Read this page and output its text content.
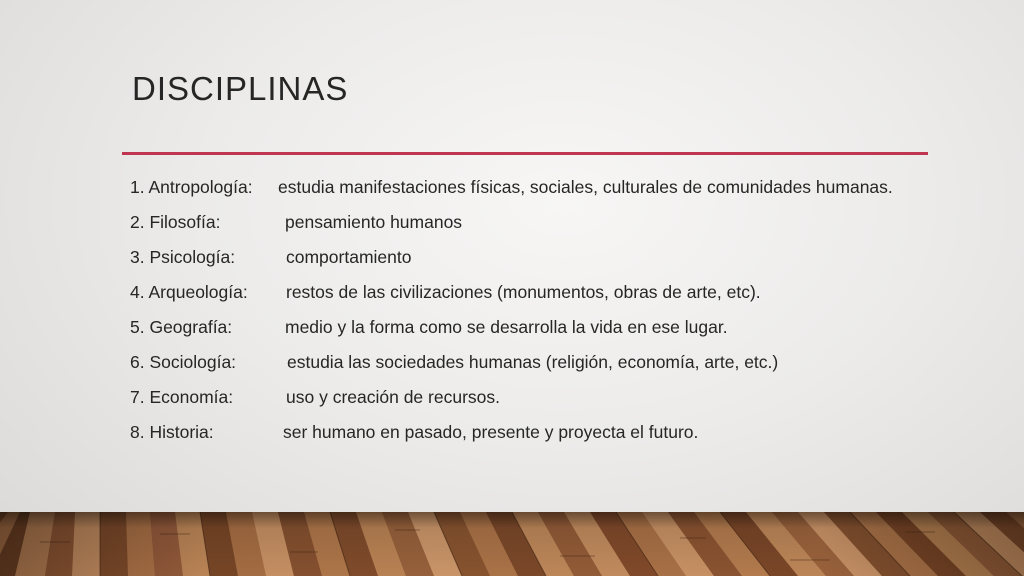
DISCIPLINAS
1. Antropología: estudia manifestaciones físicas, sociales, culturales de comunidades humanas.
2. Filosofía:	pensamiento humanos
3. Psicología:	comportamiento
4. Arqueología: restos de las civilizaciones (monumentos, obras de arte, etc).
5. Geografía:	medio y la forma como se desarrolla la vida en ese lugar.
6. Sociología:	estudia las sociedades humanas (religión, economía, arte, etc.)
7. Economía:	uso y creación de recursos.
8. Historia:	ser humano en pasado, presente y proyecta el futuro.
